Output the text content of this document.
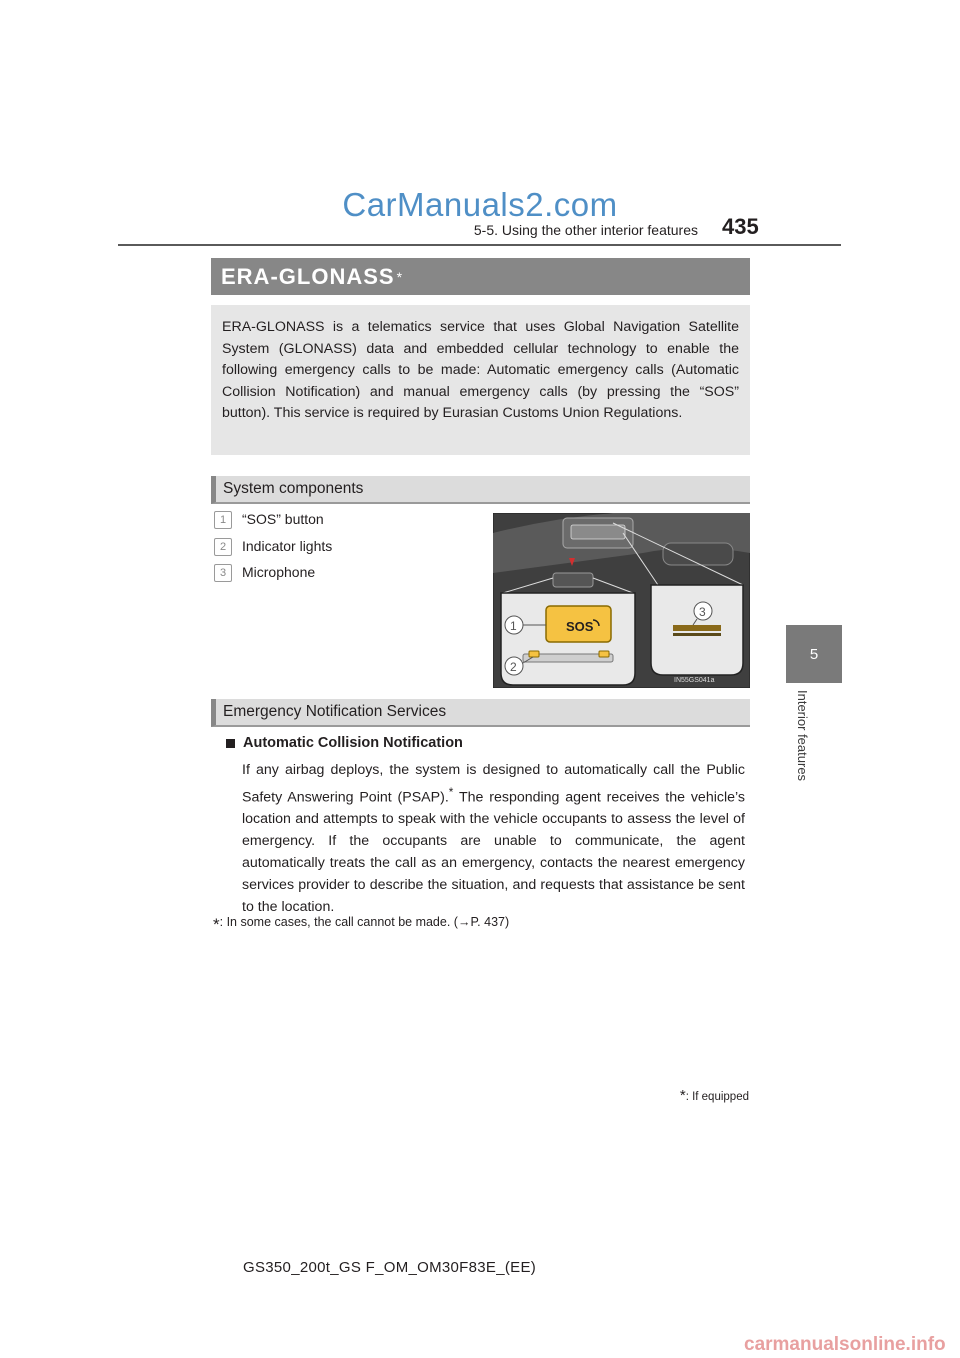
CarManuals2.com
5-5. Using the other interior features 435
5
Interior features
ERA-GLONASS *
ERA-GLONASS is a telematics service that uses Global Navigation Satellite System (GLONASS) data and embedded cellular technology to enable the following emergency calls to be made: Automatic emergency calls (Automatic Collision Notification) and manual emergency calls (by pressing the “SOS” button). This service is required by Eurasian Customs Union Regulations.
System components
1	“SOS” button
2	Indicator lights
3	Microphone
SOS
1
2
3
IN55GS041a
Emergency Notification Services
Automatic Collision Notification
If any airbag deploys, the system is designed to automatically call the Public Safety Answering Point (PSAP).* The responding agent receives the vehicle’s location and attempts to speak with the vehicle occupants to assess the level of emergency. If the occupants are unable to communicate, the agent automatically treats the call as an emergency, contacts the nearest emergency services provider to describe the situation, and requests that assistance be sent to the location.
*: In some cases, the call cannot be made. (→P. 437)
*: If equipped
GS350_200t_GS F_OM_OM30F83E_(EE)
carmanualsonline.info
